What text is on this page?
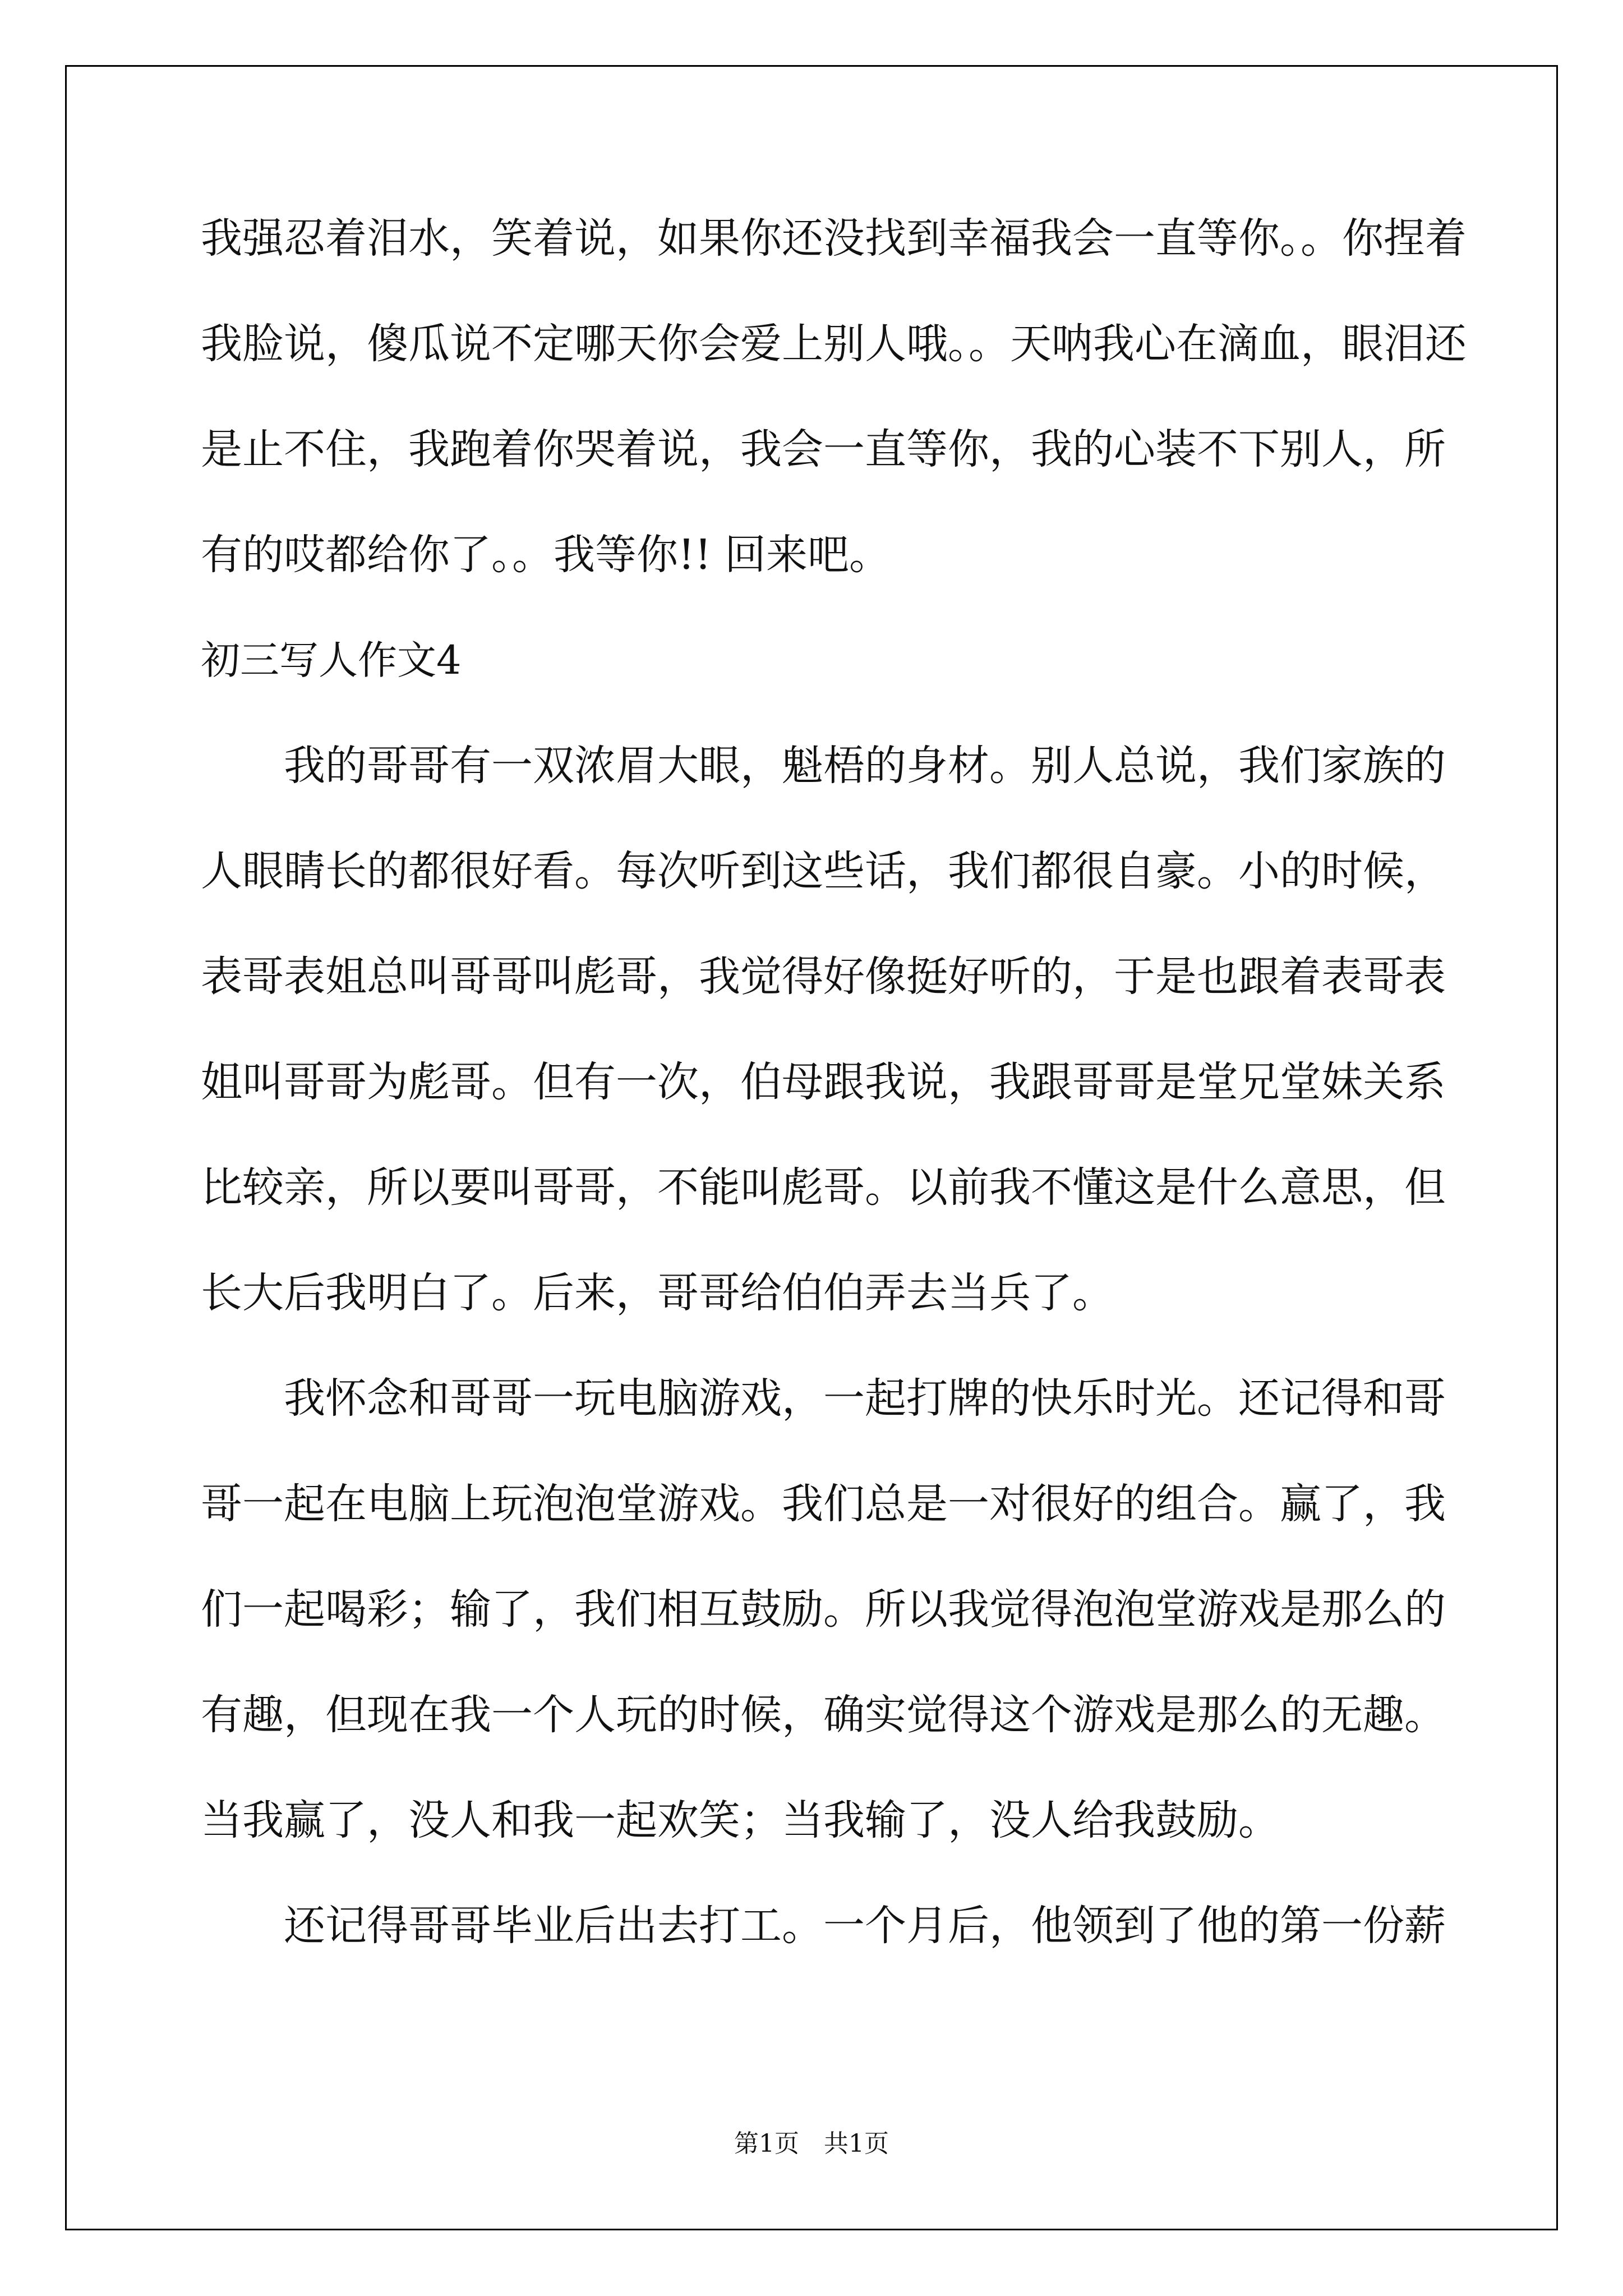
我强忍着泪水，笑着说，如果你还没找到幸福我会一直等你。。你捏着
我脸说，傻瓜说不定哪天你会爱上别人哦。。天呐我心在滴血，眼泪还
是止不住，我跑着你哭着说，我会一直等你，我的心装不下别人，所
有的哎都给你了。。我等你!! 回来吧。
初三写人作文4
我的哥哥有一双浓眉大眼，魁梧的身材。别人总说，我们家族的
人眼睛长的都很好看。每次听到这些话，我们都很自豪。小的时候，
表哥表姐总叫哥哥叫彪哥，我觉得好像挺好听的，于是也跟着表哥表
姐叫哥哥为彪哥。但有一次，伯母跟我说，我跟哥哥是堂兄堂妹关系
比较亲，所以要叫哥哥，不能叫彪哥。以前我不懂这是什么意思，但
长大后我明白了。后来，哥哥给伯伯弄去当兵了。
我怀念和哥哥一玩电脑游戏，一起打牌的快乐时光。还记得和哥
哥一起在电脑上玩泡泡堂游戏。我们总是一对很好的组合。赢了，我
们一起喝彩；输了，我们相互鼓励。所以我觉得泡泡堂游戏是那么的
有趣，但现在我一个人玩的时候，确实觉得这个游戏是那么的无趣。
当我赢了，没人和我一起欢笑；当我输了，没人给我鼓励。
还记得哥哥毕业后出去打工。一个月后，他领到了他的第一份薪
第1页　共1页
